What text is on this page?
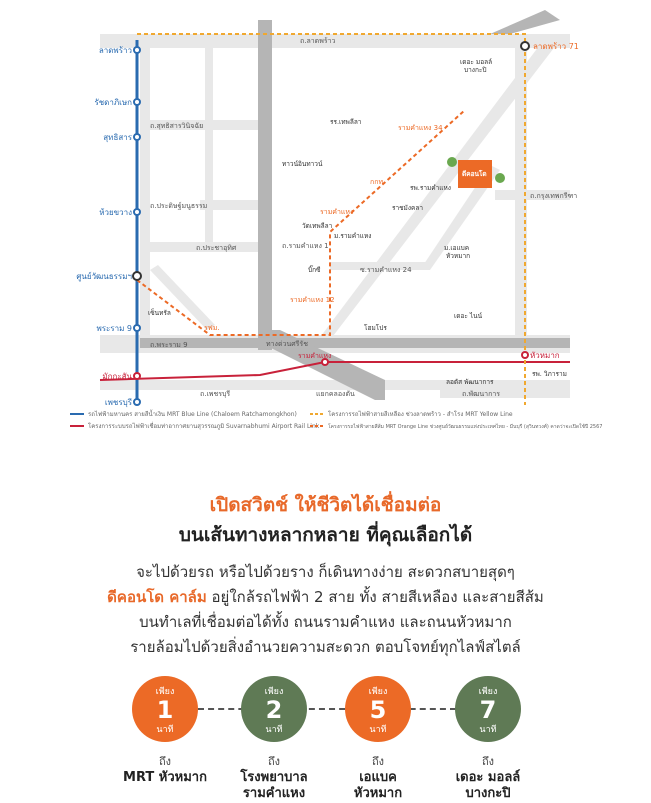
ลาดพร้าว
รัชดาภิเษก
สุทธิสาร
ห้วยขวาง
ศูนย์วัฒนธรรมฯ
พระราม 9
เพชรบุรี
มักกะสัน
ลาดพร้าว 71
หัวหมาก
รามคำแหง
รามคำแหง 34
กกท.
รามคำแหง
รามคำแหง 12
รฟม.
ถ.ลาดพร้าว
ถ.สุทธิสารวินิจฉัย
ถ.ประดิษฐ์มนูธรรม
ถ.ประชาอุทิศ
ถ.พระราม 9
ถ.เพชรบุรี	แยกคลองตัน	ถ.พัฒนาการ
ถ.กรุงเทพกรีฑา
ทางด่วนศรีรัช
ซ.รามคำแหง 24
ถ.รามคำแหง 1
เดอะ มอลล์
บางกะปิ
รร.เทพลีลา
ทาวน์อินทาวน์
ราชมังคลา
รพ.รามคำแหง
วัดเทพลีลา
ม.รามคำแหง
ม.เอแบค
หัวหมาก
บิ๊กซี
เซ็นทรัล
โฮมโปร
เดอะ ไนน์
ลอตัส พัฒนาการ
รพ. วิภาราม
ดีคอนโด
รถไฟฟ้ามหานคร สายสีน้ำเงิน MRT Blue Line (Chaloem Ratchamongkhon)
โครงการระบบรถไฟฟ้าเชื่อมท่าอากาศยานสุวรรณภูมิ Suvarnabhumi Airport Rail Link
โครงการรถไฟฟ้าสายสีเหลือง ช่วงลาดพร้าว - สำโรง MRT Yellow Line
โครงการรถไฟฟ้าสายสีส้ม MRT Orange Line ช่วงศูนย์วัฒนธรรมแห่งประเทศไทย - มีนบุรี (สุวินทวงศ์) คาดว่าจะเปิดใช้ปี 2567
เปิดสวิตช์ ให้ชีวิตได้เชื่อมต่อ
บนเส้นทางหลากหลาย ที่คุณเลือกได้
จะไปด้วยรถ หรือไปด้วยราง ก็เดินทางง่าย สะดวกสบายสุดๆ
ดีคอนโด คาล์ม อยู่ใกล้รถไฟฟ้า 2 สาย ทั้ง สายสีเหลือง และสายสีส้ม
บนทำเลที่เชื่อมต่อได้ทั้ง ถนนรามคำแหง และถนนหัวหมาก
รายล้อมไปด้วยสิ่งอำนวยความสะดวก ตอบโจทย์ทุกไลฟ์สไตล์
เพียง
1
นาที
เพียง
2
นาที
เพียง
5
นาที
เพียง
7
นาที
ถึง
MRT หัวหมาก
ถึง
โรงพยาบาล
รามคำแหง
ถึง
เอแบค
หัวหมาก
ถึง
เดอะ มอลล์
บางกะปิ
